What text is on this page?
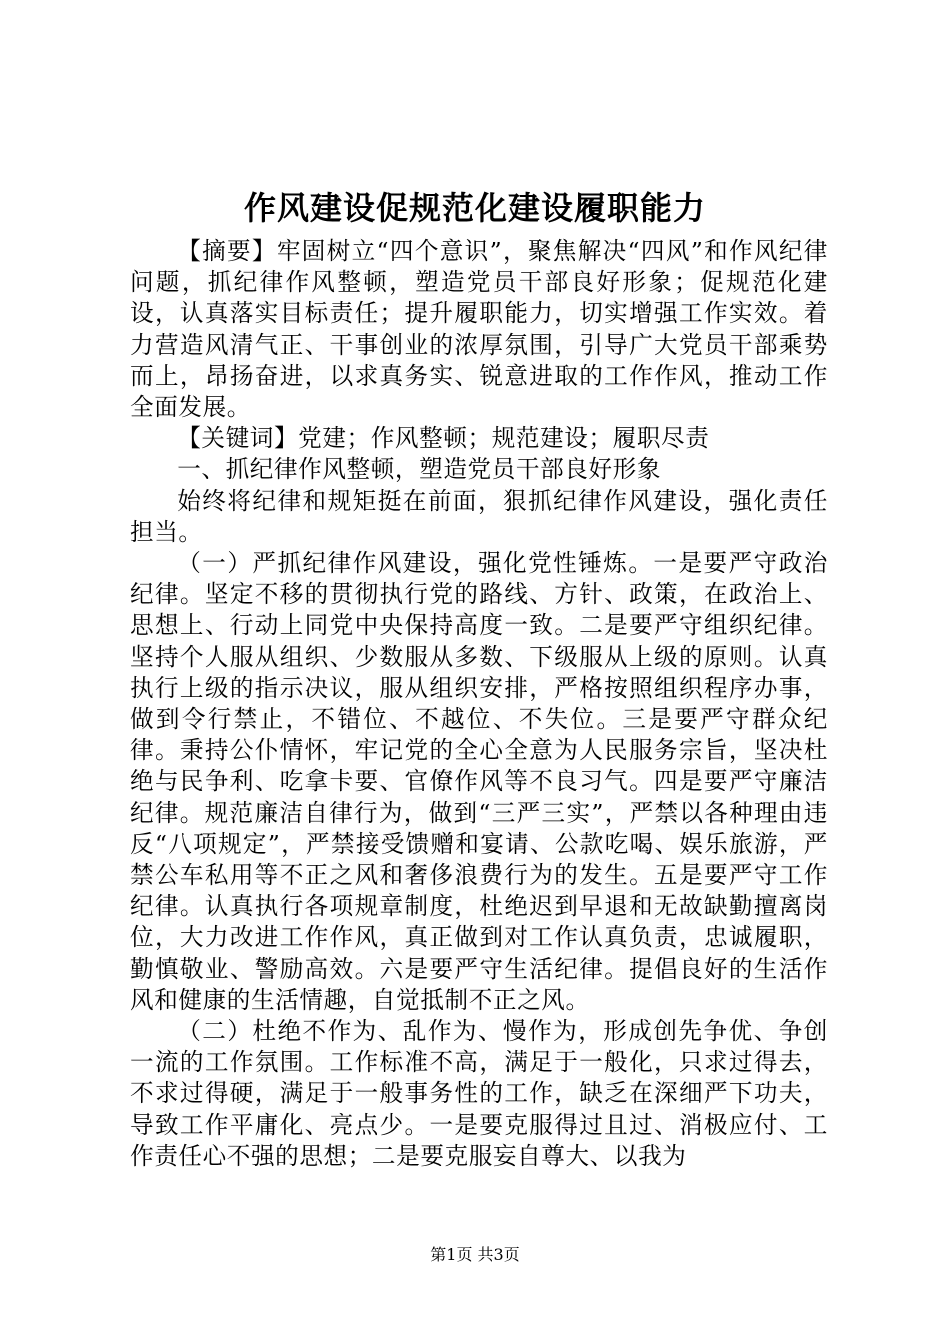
作风建设促规范化建设履职能力

【摘要】牢固树立“四个意识”，聚焦解决“四风”和作风纪律问题，抓纪律作风整顿，塑造党员干部良好形象；促规范化建设，认真落实目标责任；提升履职能力，切实增强工作实效。着力营造风清气正、干事创业的浓厚氛围，引导广大党员干部乘势而上，昂扬奋进，以求真务实、锐意进取的工作作风，推动工作全面发展。

【关键词】党建；作风整顿；规范建设；履职尽责

一、抓纪律作风整顿，塑造党员干部良好形象

始终将纪律和规矩挺在前面，狠抓纪律作风建设，强化责任担当。

（一）严抓纪律作风建设，强化党性锤炼。一是要严守政治纪律。坚定不移的贯彻执行党的路线、方针、政策，在政治上、思想上、行动上同党中央保持高度一致。二是要严守组织纪律。坚持个人服从组织、少数服从多数、下级服从上级的原则。认真执行上级的指示决议，服从组织安排，严格按照组织程序办事，做到令行禁止，不错位、不越位、不失位。三是要严守群众纪律。秉持公仆情怀，牢记党的全心全意为人民服务宗旨，坚决杜绝与民争利、吃拿卡要、官僚作风等不良习气。四是要严守廉洁纪律。规范廉洁自律行为，做到“三严三实”，严禁以各种理由违反“八项规定”，严禁接受馈赠和宴请、公款吃喝、娱乐旅游，严禁公车私用等不正之风和奢侈浪费行为的发生。五是要严守工作纪律。认真执行各项规章制度，杜绝迟到早退和无故缺勤擅离岗位，大力改进工作作风，真正做到对工作认真负责，忠诚履职，勤慎敬业、警励高效。六是要严守生活纪律。提倡良好的生活作风和健康的生活情趣，自觉抵制不正之风。

（二）杜绝不作为、乱作为、慢作为，形成创先争优、争创一流的工作氛围。工作标准不高，满足于一般化，只求过得去，不求过得硬，满足于一般事务性的工作，缺乏在深细严下功夫，导致工作平庸化、亮点少。一是要克服得过且过、消极应付、工作责任心不强的思想；二是要克服妄自尊大、以我为

第1页 共3页
